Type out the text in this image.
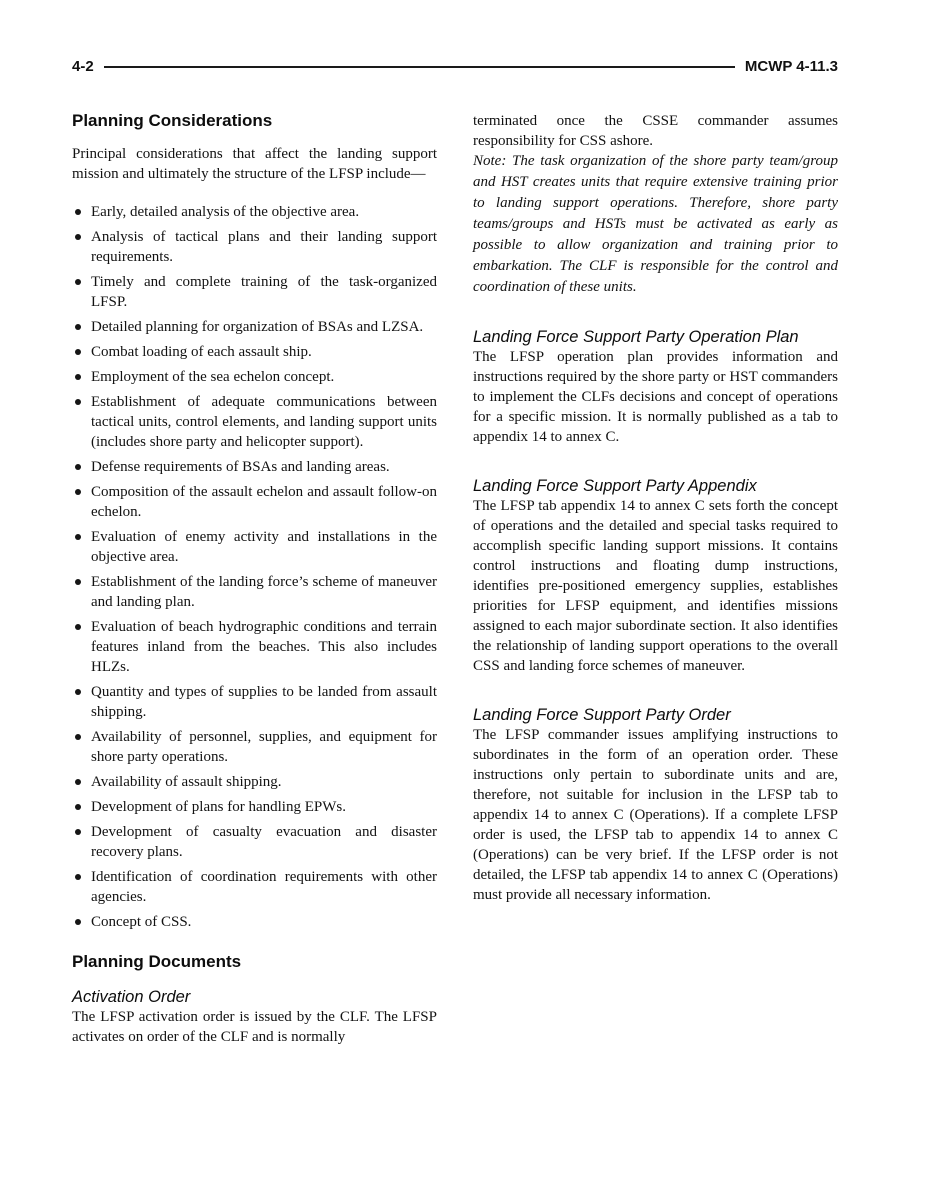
4-2	MCWP 4-11.3
Planning Considerations

Principal considerations that affect the landing support mission and ultimately the structure of the LFSP include—

Early, detailed analysis of the objective area.
Analysis of tactical plans and their landing support requirements.
Timely and complete training of the task-organized LFSP.
Detailed planning for organization of BSAs and LZSA.
Combat loading of each assault ship.
Employment of the sea echelon concept.
Establishment of adequate communications between tactical units, control elements, and landing support units (includes shore party and helicopter support).
Defense requirements of BSAs and landing areas.
Composition of the assault echelon and assault follow-on echelon.
Evaluation of enemy activity and installations in the objective area.
Establishment of the landing force’s scheme of maneuver and landing plan.
Evaluation of beach hydrographic conditions and terrain features inland from the beaches. This also includes HLZs.
Quantity and types of supplies to be landed from assault shipping.
Availability of personnel, supplies, and equipment for shore party operations.
Availability of assault shipping.
Development of plans for handling EPWs.
Development of casualty evacuation and disaster recovery plans.
Identification of coordination requirements with other agencies.
Concept of CSS.
Planning Documents
Activation Order

The LFSP activation order is issued by the CLF. The LFSP activates on order of the CLF and is normally

terminated once the CSSE commander assumes responsibility for CSS ashore.

Note: The task organization of the shore party team/group and HST creates units that require extensive training prior to landing support operations. Therefore, shore party teams/groups and HSTs must be activated as early as possible to allow organization and training prior to embarkation. The CLF is responsible for the control and coordination of these units.

Landing Force Support Party Operation Plan

The LFSP operation plan provides information and instructions required by the shore party or HST commanders to implement the CLFs decisions and concept of operations for a specific mission. It is normally published as a tab to appendix 14 to annex C.

Landing Force Support Party Appendix

The LFSP tab appendix 14 to annex C sets forth the concept of operations and the detailed and special tasks required to accomplish specific landing support missions. It contains control instructions and floating dump instructions, identifies pre-positioned emergency supplies, establishes priorities for LFSP equipment, and identifies missions assigned to each major subordinate section. It also identifies the relationship of landing support operations to the overall CSS and landing force schemes of maneuver.

Landing Force Support Party Order

The LFSP commander issues amplifying instructions to subordinates in the form of an operation order. These instructions only pertain to subordinate units and are, therefore, not suitable for inclusion in the LFSP tab to appendix 14 to annex C (Operations). If a complete LFSP order is used, the LFSP tab to appendix 14 to annex C (Operations) can be very brief. If the LFSP order is not detailed, the LFSP tab appendix 14 to annex C (Operations) must provide all necessary information.
